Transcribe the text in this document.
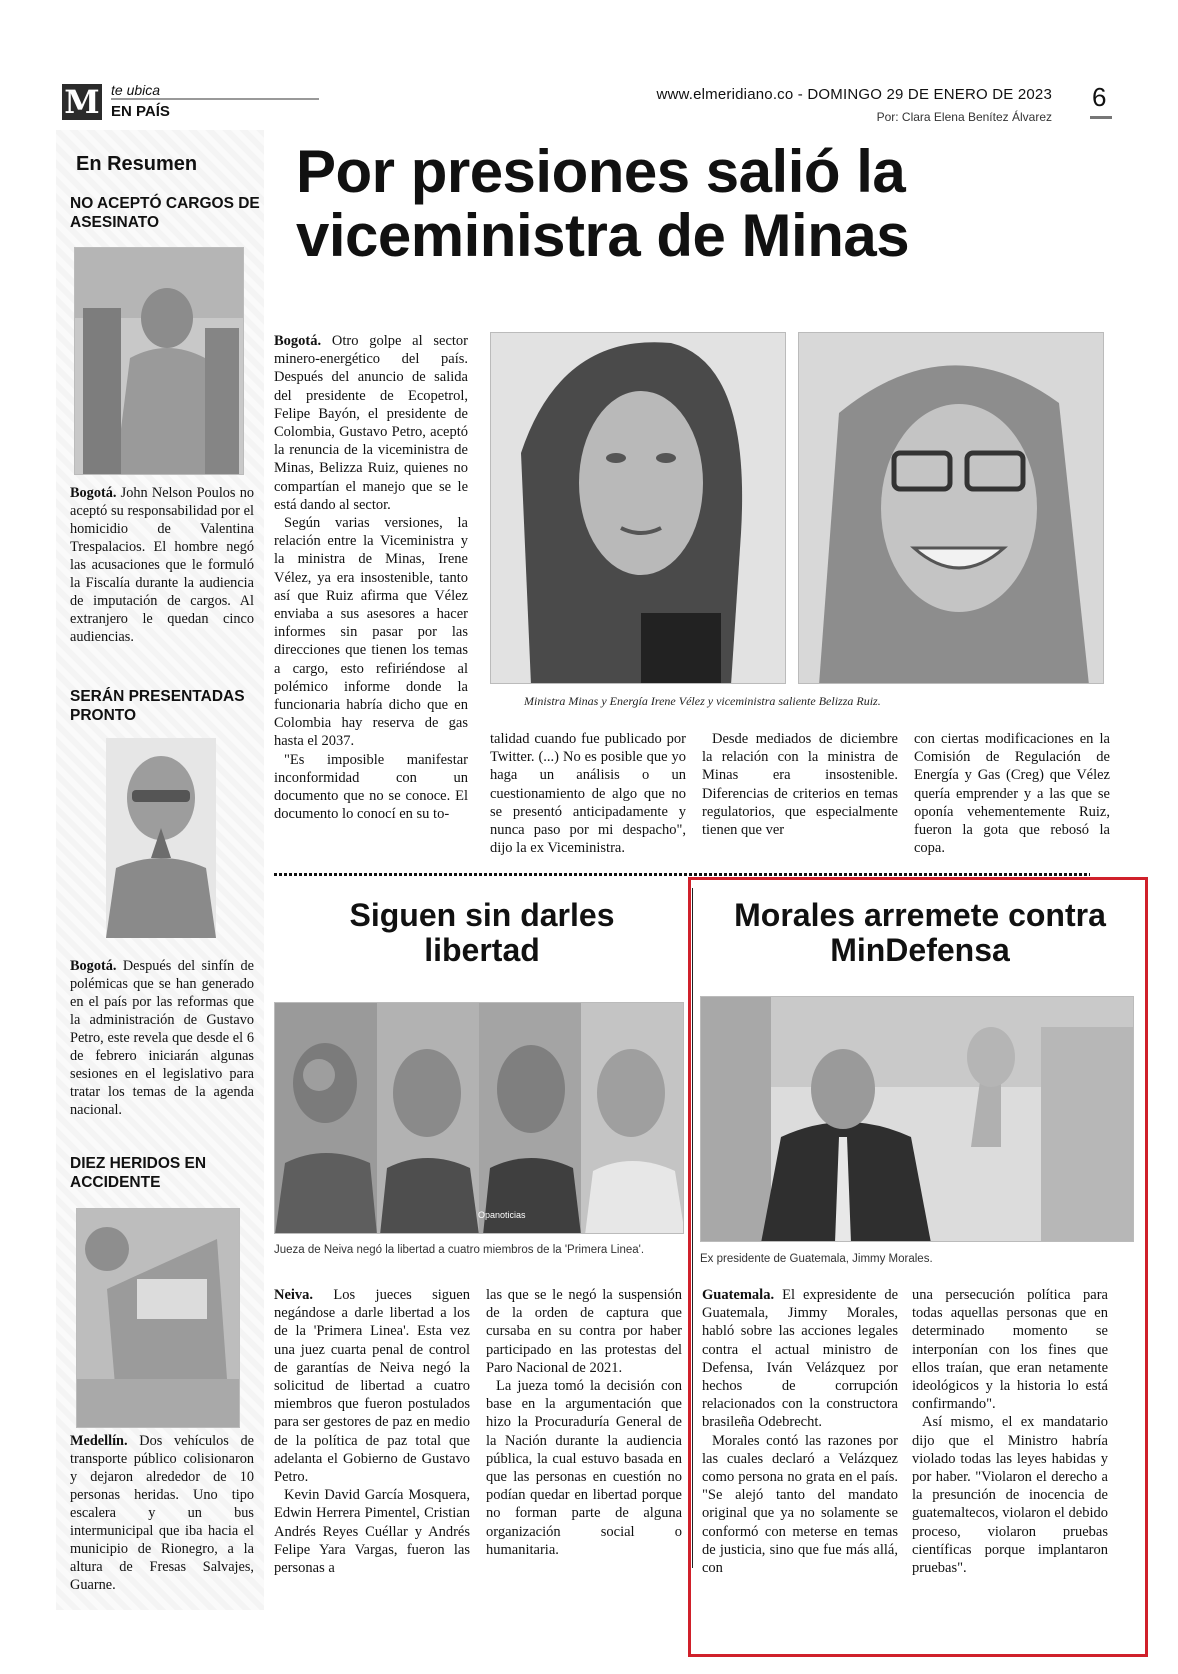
M te ubica
EN PAÍS
www.elmeridiano.co - DOMINGO 29 DE ENERO DE 2023
Por: Clara Elena Benítez Álvarez
6
En Resumen
NO ACEPTÓ CARGOS DE ASESINATO
Bogotá. John Nelson Poulos no aceptó su responsabilidad por el homicidio de Valentina Trespalacios. El hombre negó las acusaciones que le formuló la Fiscalía durante la audiencia de imputación de cargos. Al extranjero le quedan cinco audiencias.
SERÁN PRESENTADAS PRONTO
Bogotá. Después del sinfín de polémicas que se han generado en el país por las reformas que la administración de Gustavo Petro, este revela que desde el 6 de febrero iniciarán algunas sesiones en el legislativo para tratar los temas de la agenda nacional.
DIEZ HERIDOS EN ACCIDENTE
Medellín. Dos vehículos de transporte público colisionaron y dejaron alrededor de 10 personas heridas. Uno tipo escalera y un bus intermunicipal que iba hacia el municipio de Rionegro, a la altura de Fresas Salvajes, Guarne.
Por presiones salió la viceministra de Minas

Bogotá. Otro golpe al sector minero-energético del país. Después del anuncio de salida del presidente de Ecopetrol, Felipe Bayón, el presidente de Colombia, Gustavo Petro, aceptó la renuncia de la viceministra de Minas, Belizza Ruiz, quienes no compartían el manejo que se le está dando al sector.

Según varias versiones, la relación entre la Viceministra y la ministra de Minas, Irene Vélez, ya era insostenible, tanto así que Ruiz afirma que Vélez enviaba a sus asesores a hacer informes sin pasar por las direcciones que tienen los temas a cargo, esto refiriéndose al polémico informe donde la funcionaria habría dicho que en Colombia hay reserva de gas hasta el 2037.

"Es imposible manifestar inconformidad con un documento que no se conoce. El documento lo conocí en su to-

Ministra Minas y Energía Irene Vélez y viceministra saliente Belizza Ruiz.
talidad cuando fue publicado por Twitter. (...) No es posible que yo haga un análisis o un cuestionamiento de algo que no se presentó anticipadamente y nunca paso por mi despacho", dijo la ex Viceministra.
Desde mediados de diciembre la relación con la ministra de Minas era insostenible. Diferencias de criterios en temas regulatorios, que especialmente tienen que ver
con ciertas modificaciones en la Comisión de Regulación de Energía y Gas (Creg) que Vélez quería emprender y a las que se oponía vehementemente Ruiz, fueron la gota que rebosó la copa.
Siguen sin darles libertad
Opanoticias
Jueza de Neiva negó la libertad a cuatro miembros de la 'Primera Linea'.

Neiva. Los jueces siguen negándose a darle libertad a los de la 'Primera Linea'. Esta vez una juez cuarta penal de control de garantías de Neiva negó la solicitud de libertad a cuatro miembros que fueron postulados para ser gestores de paz en medio de la política de paz total que adelanta el Gobierno de Gustavo Petro.

Kevin David García Mosquera, Edwin Herrera Pimentel, Cristian Andrés Reyes Cuéllar y Andrés Felipe Yara Vargas, fueron las personas a

las que se le negó la suspensión de la orden de captura que cursaba en su contra por haber participado en las protestas del Paro Nacional de 2021.

La jueza tomó la decisión con base en la argumentación que hizo la Procuraduría General de la Nación durante la audiencia pública, la cual estuvo basada en que las personas en cuestión no podían quedar en libertad porque no forman parte de alguna organización social o humanitaria.

Morales arremete contra MinDefensa
Ex presidente de Guatemala, Jimmy Morales.

Guatemala. El expresidente de Guatemala, Jimmy Morales, habló sobre las acciones legales contra el actual ministro de Defensa, Iván Velázquez por hechos de corrupción relacionados con la constructora brasileña Odebrecht.

Morales contó las razones por las cuales declaró a Velázquez como persona no grata en el país. "Se alejó tanto del mandato original que ya no solamente se conformó con meterse en temas de justicia, sino que fue más allá, con

una persecución política para todas aquellas personas que en determinado momento se interponían con los fines que ellos traían, que eran netamente ideológicos y la historia lo está confirmando".

Así mismo, el ex mandatario dijo que el Ministro habría violado todas las leyes habidas y por haber. "Violaron el derecho a la presunción de inocencia de guatemaltecos, violaron el debido proceso, violaron pruebas científicas porque implantaron pruebas".
